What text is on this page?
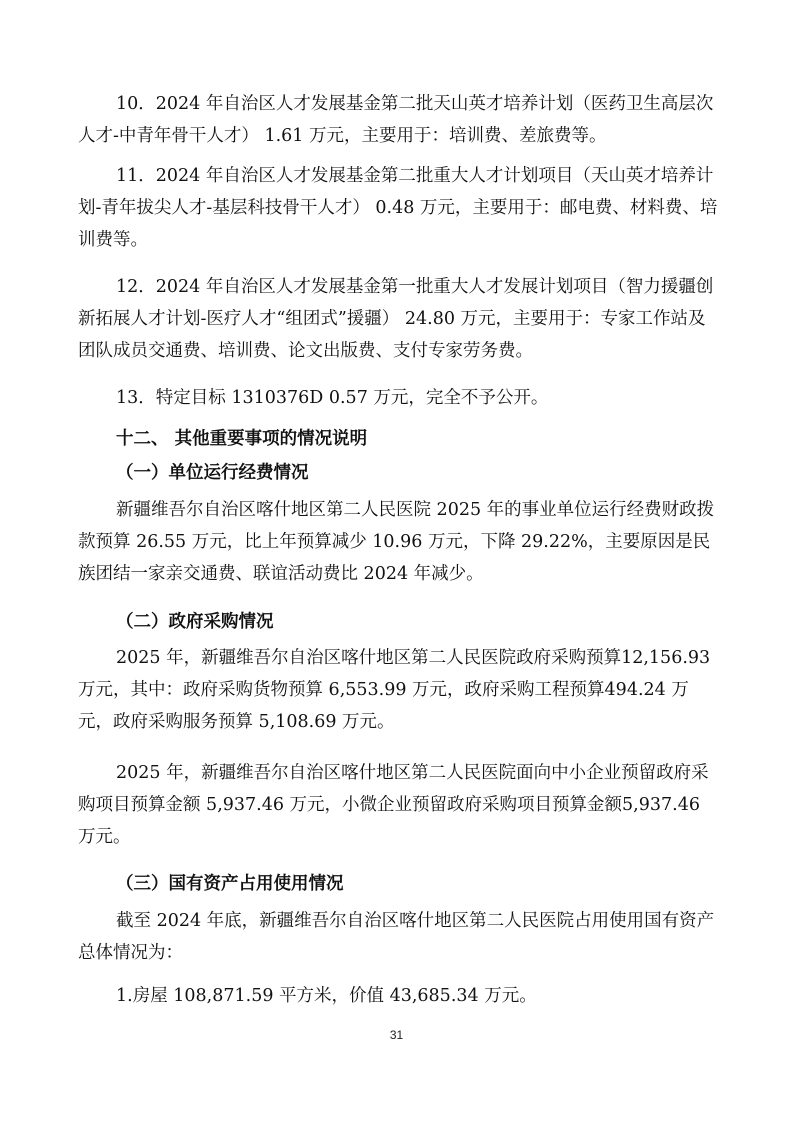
10．2024 年自治区人才发展基金第二批天山英才培养计划（医药卫生高层次人才-中青年骨干人才） 1.61 万元，主要用于：培训费、差旅费等。

11．2024 年自治区人才发展基金第二批重大人才计划项目（天山英才培养计划-青年拔尖人才-基层科技骨干人才） 0.48 万元，主要用于：邮电费、材料费、培训费等。

12．2024 年自治区人才发展基金第一批重大人才发展计划项目（智力援疆创新拓展人才计划-医疗人才“组团式”援疆） 24.80 万元，主要用于：专家工作站及团队成员交通费、培训费、论文出版费、支付专家劳务费。

13．特定目标 1310376D 0.57 万元，完全不予公开。

十二、 其他重要事项的情况说明

（一）单位运行经费情况

新疆维吾尔自治区喀什地区第二人民医院 2025 年的事业单位运行经费财政拨款预算 26.55 万元，比上年预算减少 10.96 万元，下降 29.22%，主要原因是民族团结一家亲交通费、联谊活动费比 2024 年减少。

（二）政府采购情况

2025 年，新疆维吾尔自治区喀什地区第二人民医院政府采购预算12,156.93 万元，其中：政府采购货物预算 6,553.99 万元，政府采购工程预算494.24 万元，政府采购服务预算 5,108.69 万元。

2025 年，新疆维吾尔自治区喀什地区第二人民医院面向中小企业预留政府采购项目预算金额 5,937.46 万元，小微企业预留政府采购项目预算金额5,937.46 万元。

（三）国有资产占用使用情况

截至 2024 年底，新疆维吾尔自治区喀什地区第二人民医院占用使用国有资产总体情况为：

1.房屋 108,871.59 平方米，价值 43,685.34 万元。

31
